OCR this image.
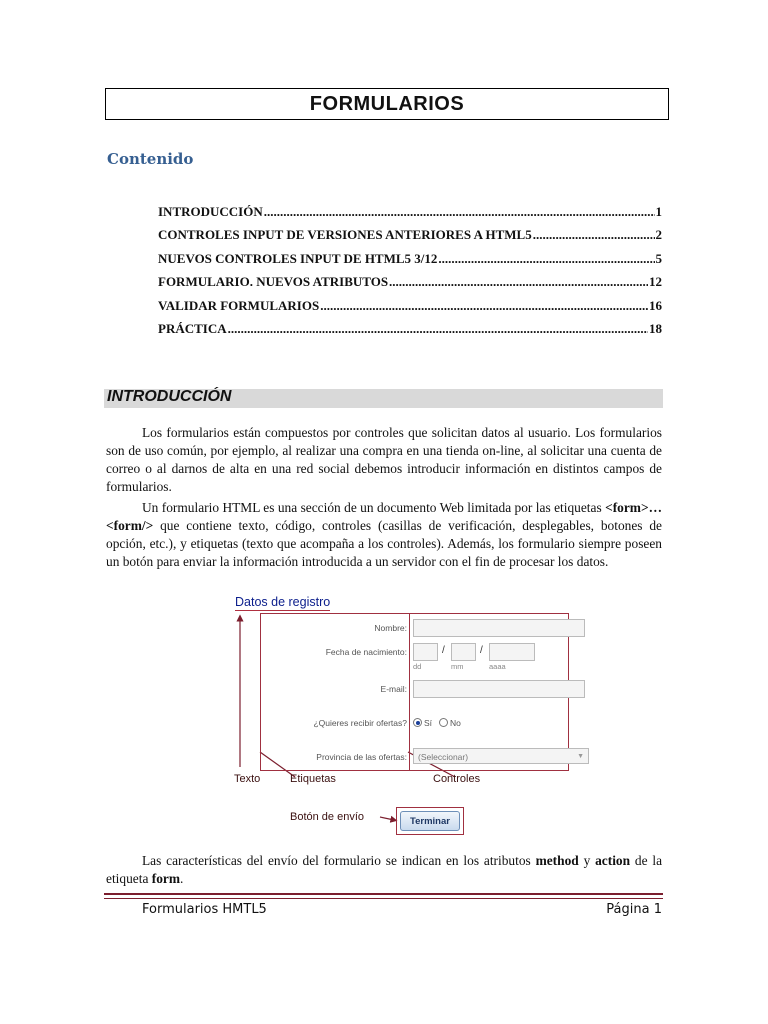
FORMULARIOS
Contenido
INTRODUCCIÓN .....	1
CONTROLES INPUT DE VERSIONES ANTERIORES A HTML5 .....	2
NUEVOS CONTROLES INPUT DE HTML5 3/12 .....	5
FORMULARIO. NUEVOS ATRIBUTOS .....	12
VALIDAR FORMULARIOS .....	16
PRÁCTICA .....	18
INTRODUCCIÓN

Los formularios están compuestos por controles que solicitan datos al usuario. Los formularios son de uso común, por ejemplo, al realizar una compra en una tienda on-line, al solicitar una cuenta de correo o al darnos de alta en una red social debemos introducir información en distintos campos de formularios.

Un formulario HTML es una sección de un documento Web limitada por las etiquetas <form>…<form/> que contiene texto, código, controles (casillas de verificación, desplegables, botones de opción, etc.), y etiquetas (texto que acompaña a los controles). Además, los formulario siempre poseen un botón para enviar la información introducida a un servidor con el fin de procesar los datos.

Datos de registro
Nombre:
Fecha de nacimiento:	/	/
dd	mm	aaaa
E-mail:
¿Quieres recibir ofertas? Sí No
Provincia de las ofertas:	(Seleccionar)	▼
Texto	Etiquetas	Controles
Botón de envío	Terminar

Las características del envío del formulario se indican en los atributos method y action de la etiqueta form.

Formularios HMTL5	Página 1
